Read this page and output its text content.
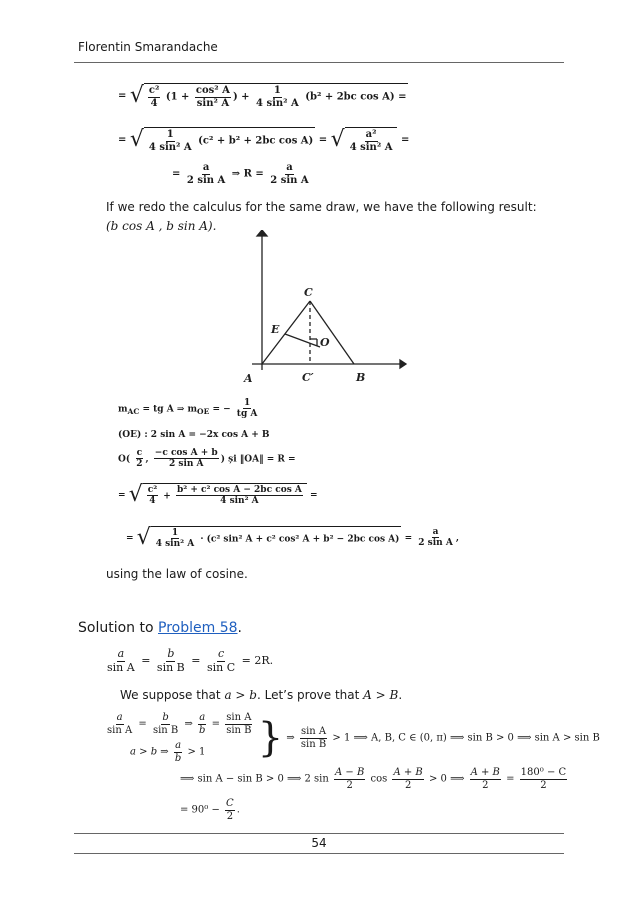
Florentin Smarandache
= √ $\frac{\text{c²}}{4} (1 + \frac{\text{cos² A}}{\text{sin² A}}$ ) + $\frac{1}{\text{4 sin² A}} (b^2 + 2bc$ cos A) =
= √ $\frac{1}{\text{4 sin² A}} (c^2 + b^2 + 2bc$ cos A) = √ $\frac{\text{a²}}{\text{4 sin² A}}$ =
= $\frac{a}{\text{2 sin A}}$ ⇒ $R = \frac{a}{\text{2 sin A}}$
If we redo the calculus for the same draw, we have the following result:
(b cos A , b sin A).
A	B
C
E
O
C′
$m_{AC}$ = tg A ⇒ $m_{OE}$ = − $\frac{1}{\text{tg A}}$
(OE) : 2 sin A = −2x cos A + B
$O( \frac{c}{2}$ , $\frac{\text{−c cos A + b}}{\text{2 sin A}}$ ) și ‖OA‖ = R =
= √ $\frac{\text{c²}}{4} + \frac{\text{b² + c² cos A − 2bc cos A}}{\text{4 sin² A}}$ =
= √ $\frac{1}{\text{4 sin² A}} \cdot (c^2$ sin² A + c² cos² A + b² − 2bc $\cos A) = \frac{a}{\text{2 sin A}}$ ,
using the law of cosine.
Solution to Problem 58.
$\frac{a}{\text{sin A}} = \frac{b}{\text{sin B}} = \frac{c}{\text{sin C}} = 2R$.
We suppose that a > b. Let’s prove that A > B.
$\frac{a}{\text{sin A}} = \frac{b}{\text{sin B}}$ ⇒ $\frac{a}{b} = \frac{\text{sin A}}{\text{sin B}}$
a > b ⇒ $\frac{a}{b} > 1$	} ⇒ $\frac{\text{sin A}}{\text{sin B}} > 1$ ⟹ A, B, C ∈ (0, π) ⟹ sin B > 0 ⟹ sin A > sin B
⟹ sin A − sin B > 0 ⟹ 2 $\sin \frac{A - B}{2}$ $\cos \frac{A + B}{2} > 0$ ⟹ $\frac{A + B}{2} = \frac{\text{180⁰ − C}}{2}$
= $90^0 - \frac{C}{2}$ .
54
